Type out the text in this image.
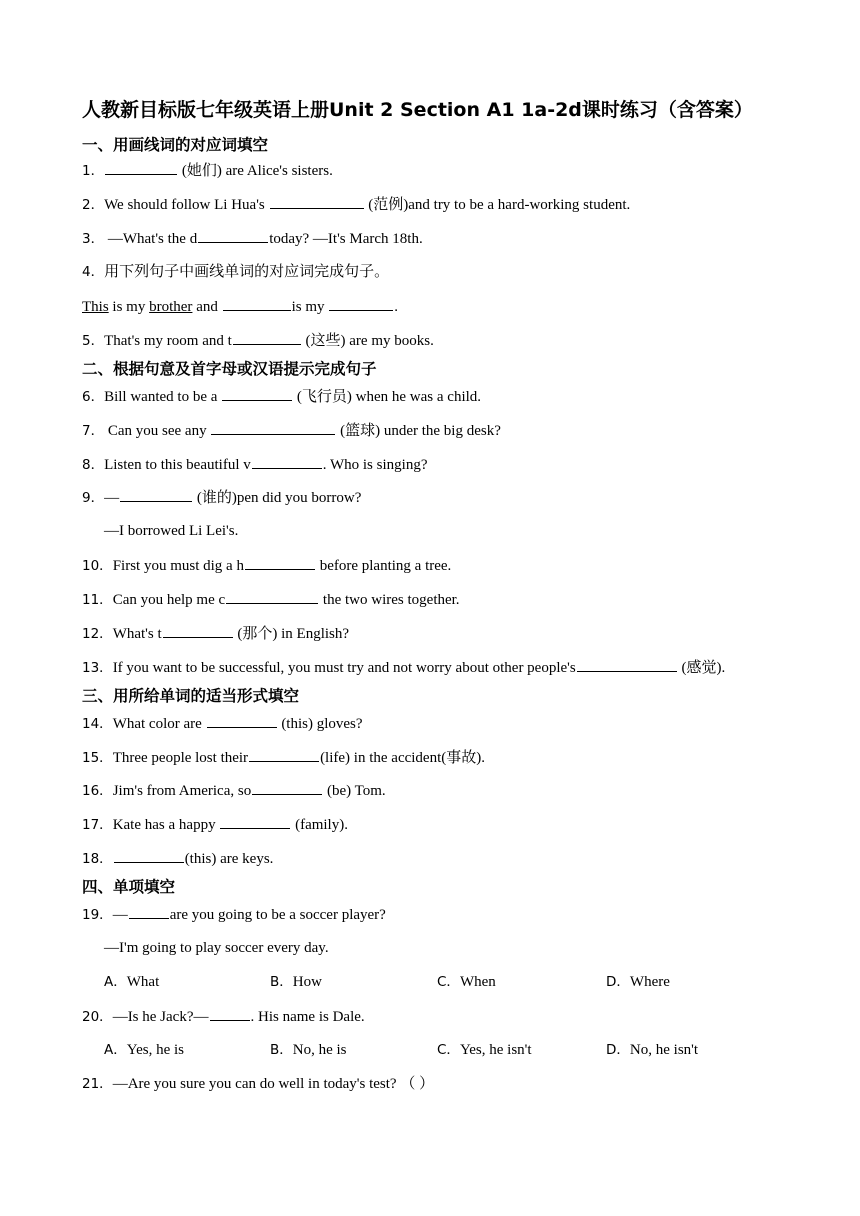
人教新目标版七年级英语上册Unit 2 Section A1 1a-2d课时练习（含答案）
一、用画线词的对应词填空
1．	(她们) are Alice's sisters.
2．We should follow Li Hua's	(范例)and try to be a hard-working student.
3． —What's the d	today? —It's March 18th.
4．用下列句子中画线单词的对应词完成句子。
This is my brother and	is my	.
5．That's my room and t	(这些) are my books.
二、根据句意及首字母或汉语提示完成句子
6．Bill wanted to be a	(飞行员) when he was a child.
7． Can you see any	(篮球) under the big desk?
8．Listen to this beautiful v	. Who is singing?
9．—	(谁的)pen did you borrow?
—I borrowed Li Lei's.
10．First you must dig a h	before planting a tree.
11．Can you help me c	the two wires together.
12．What's t	(那个) in English?
13．If you want to be successful, you must try and not worry about other people's	(感觉).
三、用所给单词的适当形式填空
14．What color are	(this) gloves?
15．Three people lost their	(life) in the accident(事故).
16．Jim's from America, so	(be) Tom.
17．Kate has a happy	(family).
18．	(this) are keys.
四、单项填空
19．—	are you going to be a soccer player?
—I'm going to play soccer every day.
A．What	B．How	C．When	D．Where
20．—Is he Jack?—	. His name is Dale.
A．Yes, he is	B．No, he is	C．Yes, he isn't	D．No, he isn't
21．—Are you sure you can do well in today's test? （ ）
